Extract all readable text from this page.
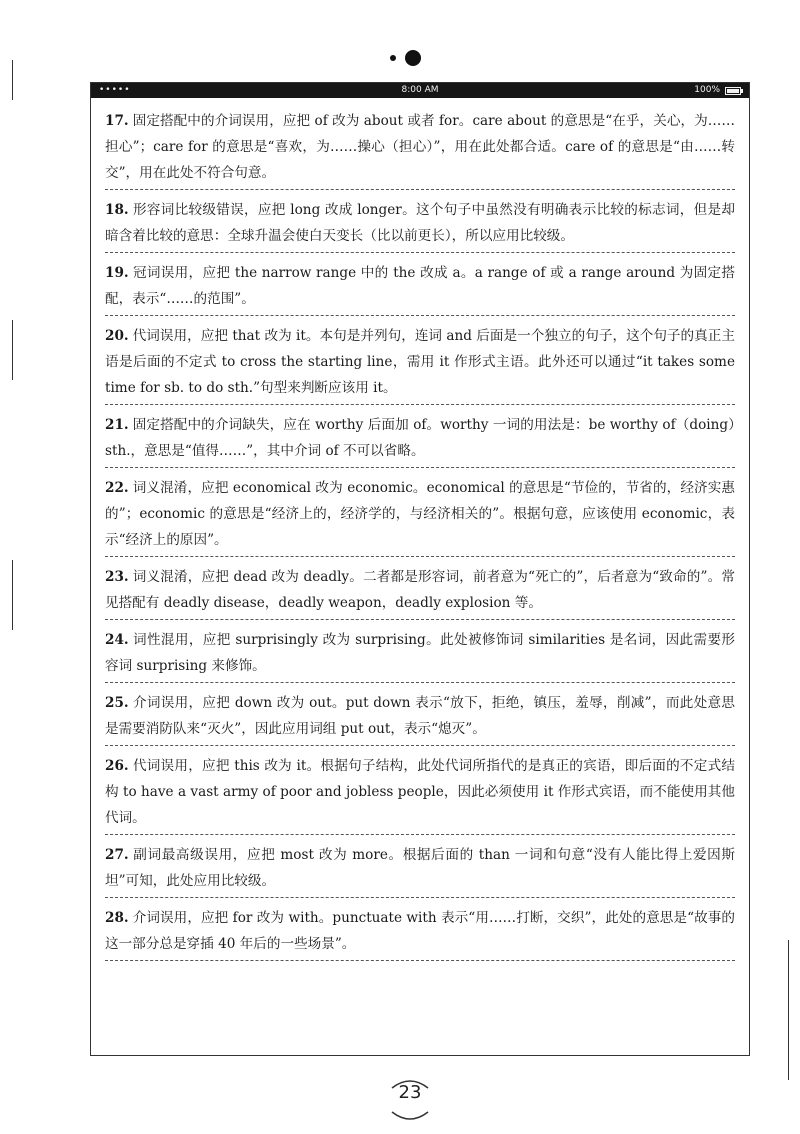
•••••	8:00 AM	100%
17. 固定搭配中的介词误用，应把 of 改为 about 或者 for。care about 的意思是“在乎，关心，为……担心”；care for 的意思是“喜欢，为……操心（担心）”，用在此处都合适。care of 的意思是“由……转交”，用在此处不符合句意。
18. 形容词比较级错误，应把 long 改成 longer。这个句子中虽然没有明确表示比较的标志词，但是却暗含着比较的意思：全球升温会使白天变长（比以前更长），所以应用比较级。
19. 冠词误用，应把 the narrow range 中的 the 改成 a。a range of 或 a range around 为固定搭配，表示“……的范围”。
20. 代词误用，应把 that 改为 it。本句是并列句，连词 and 后面是一个独立的句子，这个句子的真正主语是后面的不定式 to cross the starting line，需用 it 作形式主语。此外还可以通过“it takes some time for sb. to do sth.”句型来判断应该用 it。
21. 固定搭配中的介词缺失，应在 worthy 后面加 of。worthy 一词的用法是：be worthy of（doing）sth.，意思是“值得……”，其中介词 of 不可以省略。
22. 词义混淆，应把 economical 改为 economic。economical 的意思是“节俭的，节省的，经济实惠的”；economic 的意思是“经济上的，经济学的，与经济相关的”。根据句意，应该使用 economic，表示“经济上的原因”。
23. 词义混淆，应把 dead 改为 deadly。二者都是形容词，前者意为“死亡的”，后者意为“致命的”。常见搭配有 deadly disease，deadly weapon，deadly explosion 等。
24. 词性混用，应把 surprisingly 改为 surprising。此处被修饰词 similarities 是名词，因此需要形容词 surprising 来修饰。
25. 介词误用，应把 down 改为 out。put down 表示“放下，拒绝，镇压，羞辱，削减”，而此处意思是需要消防队来“灭火”，因此应用词组 put out，表示“熄灭”。
26. 代词误用，应把 this 改为 it。根据句子结构，此处代词所指代的是真正的宾语，即后面的不定式结构 to have a vast army of poor and jobless people，因此必须使用 it 作形式宾语，而不能使用其他代词。
27. 副词最高级误用，应把 most 改为 more。根据后面的 than 一词和句意“没有人能比得上爱因斯坦”可知，此处应用比较级。
28. 介词误用，应把 for 改为 with。punctuate with 表示“用……打断，交织”，此处的意思是“故事的这一部分总是穿插 40 年后的一些场景”。
23
